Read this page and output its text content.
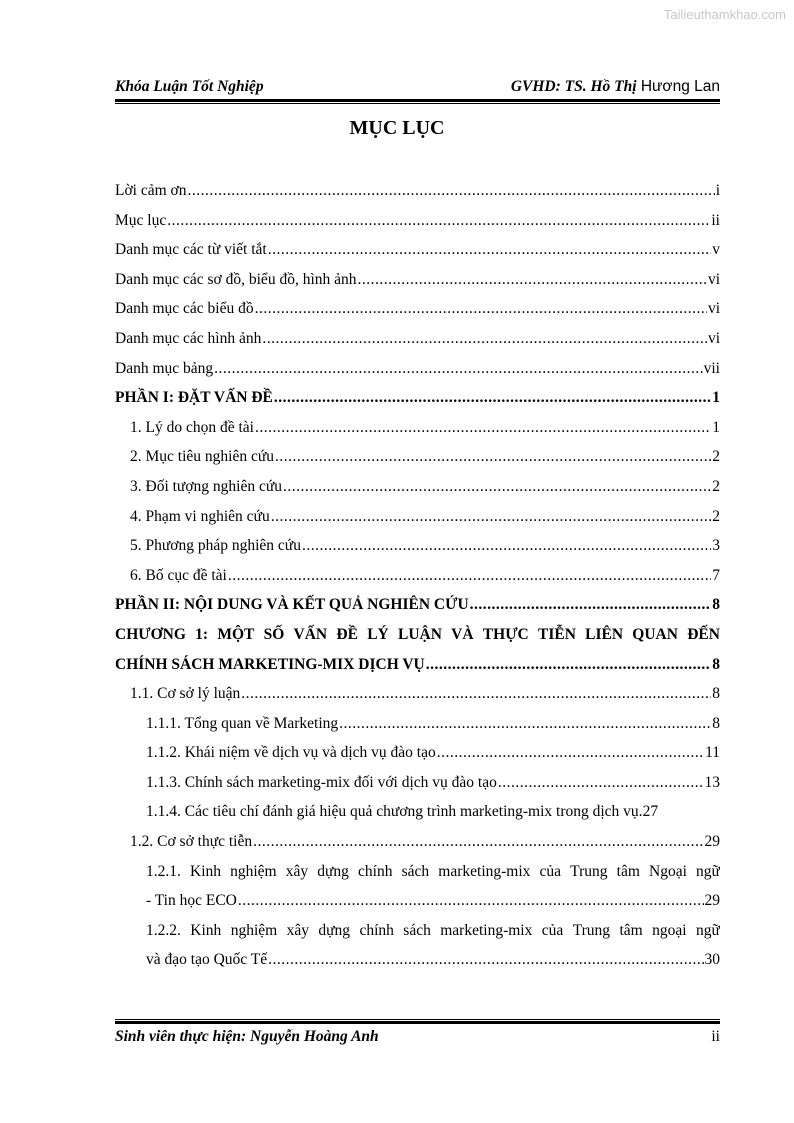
Tailieuthamkhao.com
Khóa Luận Tốt Nghiệp	GVHD: TS. Hồ Thị Hương Lan
MỤC LỤC
Lời cảm ơn .....	i
Mục lục .....	ii
Danh mục các từ viết tắt .....	v
Danh mục các sơ đồ, biểu đồ, hình ảnh .....	vi
Danh mục các biểu đồ .....	vi
Danh mục các hình ảnh .....	vi
Danh mục bảng .....	vii
PHẦN I: ĐẶT VẤN ĐỀ .....	1
1. Lý do chọn đề tài .....	1
2. Mục tiêu nghiên cứu .....	2
3. Đối tượng nghiên cứu .....	2
4. Phạm vi nghiên cứu .....	2
5. Phương pháp nghiên cứu .....	3
6. Bố cục đề tài .....	7
PHẦN II: NỘI DUNG VÀ KẾT QUẢ NGHIÊN CỨU .....	8
CHƯƠNG 1: MỘT SỐ VẤN ĐỀ LÝ LUẬN VÀ THỰC TIỄN LIÊN QUAN ĐẾN
CHÍNH SÁCH MARKETING-MIX DỊCH VỤ .....	8
1.1. Cơ sở lý luận .....	8
1.1.1. Tổng quan về Marketing .....	8
1.1.2. Khái niệm về dịch vụ và dịch vụ đào tạo .....	11
1.1.3. Chính sách marketing-mix đối với dịch vụ đào tạo .....	13
1.1.4. Các tiêu chí đánh giá hiệu quả chương trình marketing-mix trong dịch vụ. 27
1.2. Cơ sở thực tiễn .....	29
1.2.1. Kinh nghiệm xây dựng chính sách marketing-mix của Trung tâm Ngoại ngữ
- Tin học ECO .....	29
1.2.2. Kinh nghiệm xây dựng chính sách marketing-mix của Trung tâm ngoại ngữ
và đạo tạo Quốc Tế .....	30
Sinh viên thực hiện: Nguyễn Hoàng Anh	ii
